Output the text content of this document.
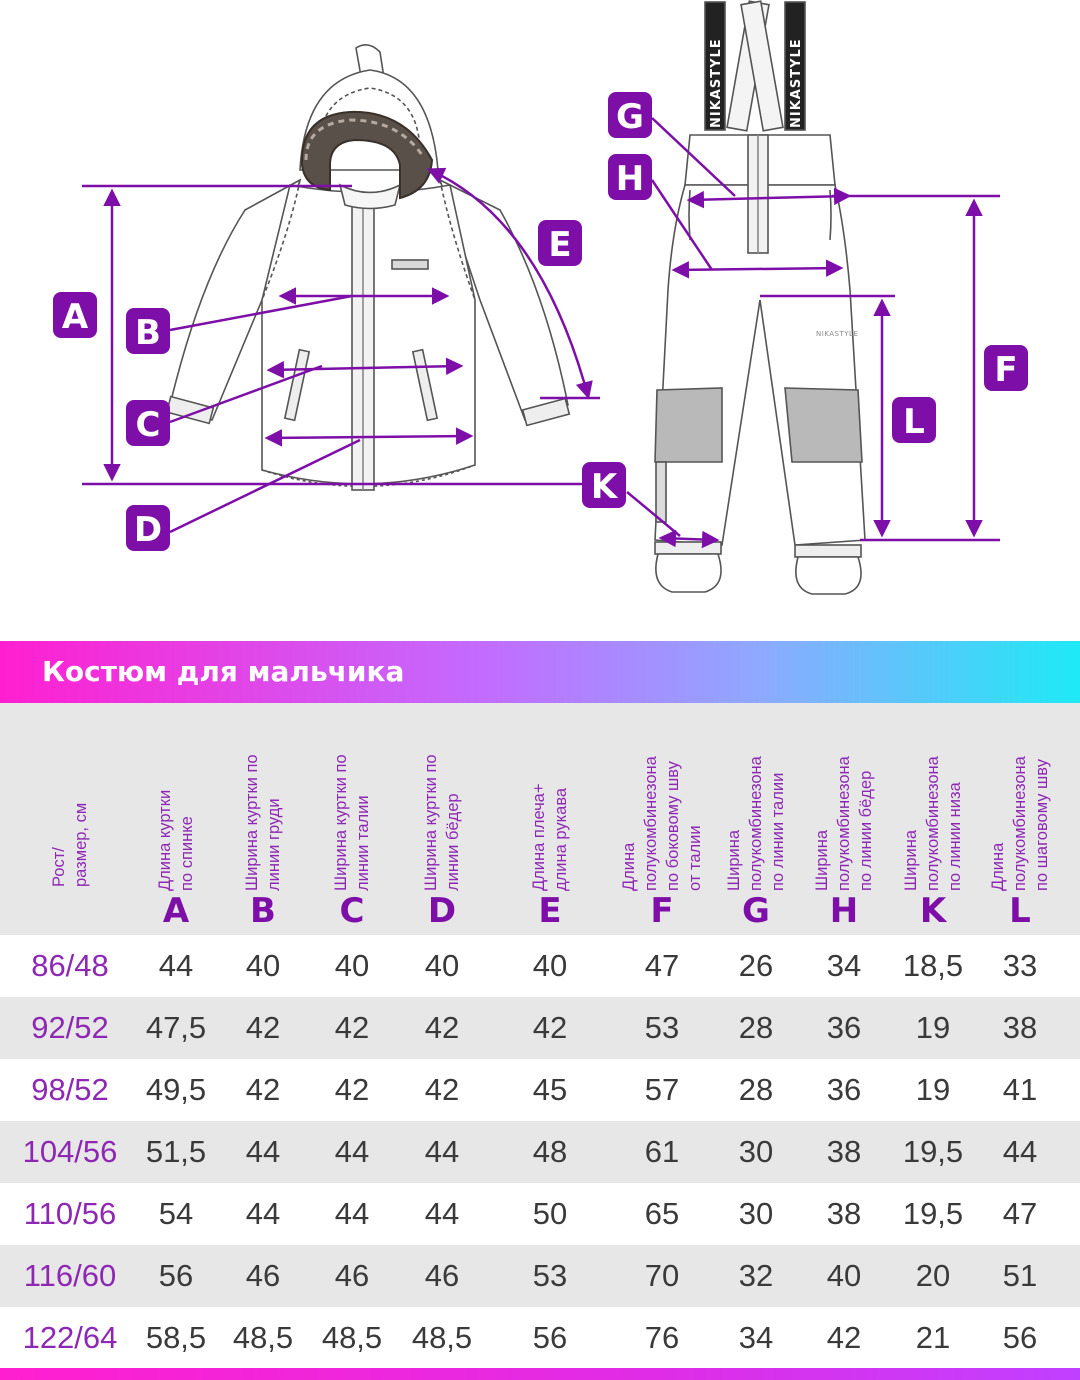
NIKASTYLE	NIKASTYLE
NIKASTYLE
A B
C
D
E
G
H
F
L
K
Костюм для мальчика
Рост/
размер, см
Длина куртки
по спинке
A
Ширина куртки по
линии груди
B
Ширина куртки по
линии талии
C
Ширина куртки по
линии бёдер
D
Длина плеча+
длина рукава
E
Длина
полукомбинезона
по боковому шву
от талии
F
Ширина
полукомбинезона
по линии талии
G
Ширина
полукомбинезона
по линии бёдер
H
Ширина
полукомбинезона
по линии низа
K
Длина
полукомбинезона
по шаговому шву
L
86/48	44	40	40	40	40	47	26	34	18,5	33
92/52	47,5	42	42	42	42	53	28	36	19	38
98/52	49,5	42	42	42	45	57	28	36	19	41
104/56 51,5	44	44	44	48	61	30	38	19,5	44
110/56	54	44	44	44	50	65	30	38	19,5	47
116/60	56	46	46	46	53	70	32	40	20	51
122/64 58,5 48,5 48,5 48,5	56	76	34	42	21	56
